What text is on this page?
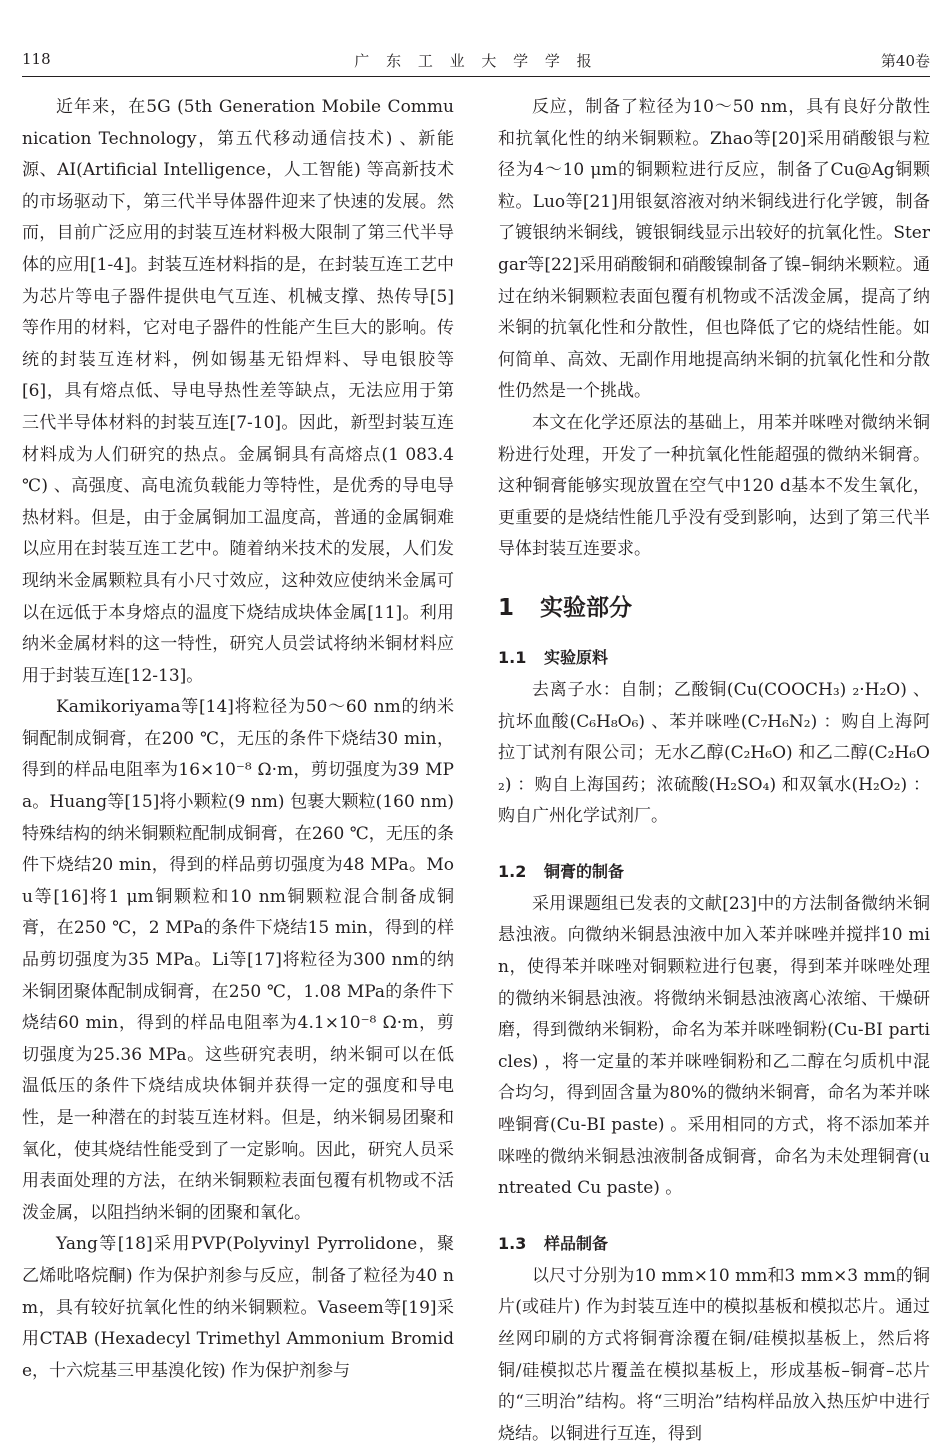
118	广 东 工 业 大 学 学 报	第40卷

近年来，在5G (5th Generation Mobile Communication Technology，第五代移动通信技术) 、新能源、AI(Artificial Intelligence，人工智能) 等高新技术的市场驱动下，第三代半导体器件迎来了快速的发展。然而，目前广泛应用的封装互连材料极大限制了第三代半导体的应用[1-4]。封装互连材料指的是，在封装互连工艺中为芯片等电子器件提供电气互连、机械支撑、热传导[5]等作用的材料，它对电子器件的性能产生巨大的影响。传统的封装互连材料，例如锡基无铅焊料、导电银胶等[6]，具有熔点低、导电导热性差等缺点，无法应用于第三代半导体材料的封装互连[7-10]。因此，新型封装互连材料成为人们研究的热点。金属铜具有高熔点(1 083.4 ℃) 、高强度、高电流负载能力等特性，是优秀的导电导热材料。但是，由于金属铜加工温度高，普通的金属铜难以应用在封装互连工艺中。随着纳米技术的发展，人们发现纳米金属颗粒具有小尺寸效应，这种效应使纳米金属可以在远低于本身熔点的温度下烧结成块体金属[11]。利用纳米金属材料的这一特性，研究人员尝试将纳米铜材料应用于封装互连[12-13]。

Kamikoriyama等[14]将粒径为50～60 nm的纳米铜配制成铜膏，在200 ℃，无压的条件下烧结30 min，得到的样品电阻率为16×10⁻⁸ Ω·m，剪切强度为39 MPa。Huang等[15]将小颗粒(9 nm) 包裹大颗粒(160 nm) 特殊结构的纳米铜颗粒配制成铜膏，在260 ℃，无压的条件下烧结20 min，得到的样品剪切强度为48 MPa。Mou等[16]将1 μm铜颗粒和10 nm铜颗粒混合制备成铜膏，在250 ℃，2 MPa的条件下烧结15 min，得到的样品剪切强度为35 MPa。Li等[17]将粒径为300 nm的纳米铜团聚体配制成铜膏，在250 ℃，1.08 MPa的条件下烧结60 min，得到的样品电阻率为4.1×10⁻⁸ Ω·m，剪切强度为25.36 MPa。这些研究表明，纳米铜可以在低温低压的条件下烧结成块体铜并获得一定的强度和导电性，是一种潜在的封装互连材料。但是，纳米铜易团聚和氧化，使其烧结性能受到了一定影响。因此，研究人员采用表面处理的方法，在纳米铜颗粒表面包覆有机物或不活泼金属，以阻挡纳米铜的团聚和氧化。

Yang等[18]采用PVP(Polyvinyl Pyrrolidone，聚乙烯吡咯烷酮) 作为保护剂参与反应，制备了粒径为40 nm，具有较好抗氧化性的纳米铜颗粒。Vaseem等[19]采用CTAB (Hexadecyl Trimethyl Ammonium Bromide，十六烷基三甲基溴化铵) 作为保护剂参与

反应，制备了粒径为10～50 nm，具有良好分散性和抗氧化性的纳米铜颗粒。Zhao等[20]采用硝酸银与粒径为4～10 μm的铜颗粒进行反应，制备了Cu@Ag铜颗粒。Luo等[21]用银氨溶液对纳米铜线进行化学镀，制备了镀银纳米铜线，镀银铜线显示出较好的抗氧化性。Stergar等[22]采用硝酸铜和硝酸镍制备了镍–铜纳米颗粒。通过在纳米铜颗粒表面包覆有机物或不活泼金属，提高了纳米铜的抗氧化性和分散性，但也降低了它的烧结性能。如何简单、高效、无副作用地提高纳米铜的抗氧化性和分散性仍然是一个挑战。

本文在化学还原法的基础上，用苯并咪唑对微纳米铜粉进行处理，开发了一种抗氧化性能超强的微纳米铜膏。这种铜膏能够实现放置在空气中120 d基本不发生氧化，更重要的是烧结性能几乎没有受到影响，达到了第三代半导体封装互连要求。

1 实验部分
1.1 实验原料

去离子水：自制；乙酸铜(Cu(COOCH₃) ₂·H₂O) 、抗坏血酸(C₆H₈O₆) 、苯并咪唑(C₇H₆N₂) ：购自上海阿拉丁试剂有限公司；无水乙醇(C₂H₆O) 和乙二醇(C₂H₆O₂) ：购自上海国药；浓硫酸(H₂SO₄) 和双氧水(H₂O₂) ：购自广州化学试剂厂。

1.2 铜膏的制备

采用课题组已发表的文献[23]中的方法制备微纳米铜悬浊液。向微纳米铜悬浊液中加入苯并咪唑并搅拌10 min，使得苯并咪唑对铜颗粒进行包裹，得到苯并咪唑处理的微纳米铜悬浊液。将微纳米铜悬浊液离心浓缩、干燥研磨，得到微纳米铜粉，命名为苯并咪唑铜粉(Cu-BI particles) ，将一定量的苯并咪唑铜粉和乙二醇在匀质机中混合均匀，得到固含量为80%的微纳米铜膏，命名为苯并咪唑铜膏(Cu-BI paste) 。采用相同的方式，将不添加苯并咪唑的微纳米铜悬浊液制备成铜膏，命名为未处理铜膏(untreated Cu paste) 。

1.3 样品制备

以尺寸分别为10 mm×10 mm和3 mm×3 mm的铜片(或硅片) 作为封装互连中的模拟基板和模拟芯片。通过丝网印刷的方式将铜膏涂覆在铜/硅模拟基板上，然后将铜/硅模拟芯片覆盖在模拟基板上，形成基板–铜膏–芯片的“三明治”结构。将“三明治”结构样品放入热压炉中进行烧结。以铜进行互连，得到
